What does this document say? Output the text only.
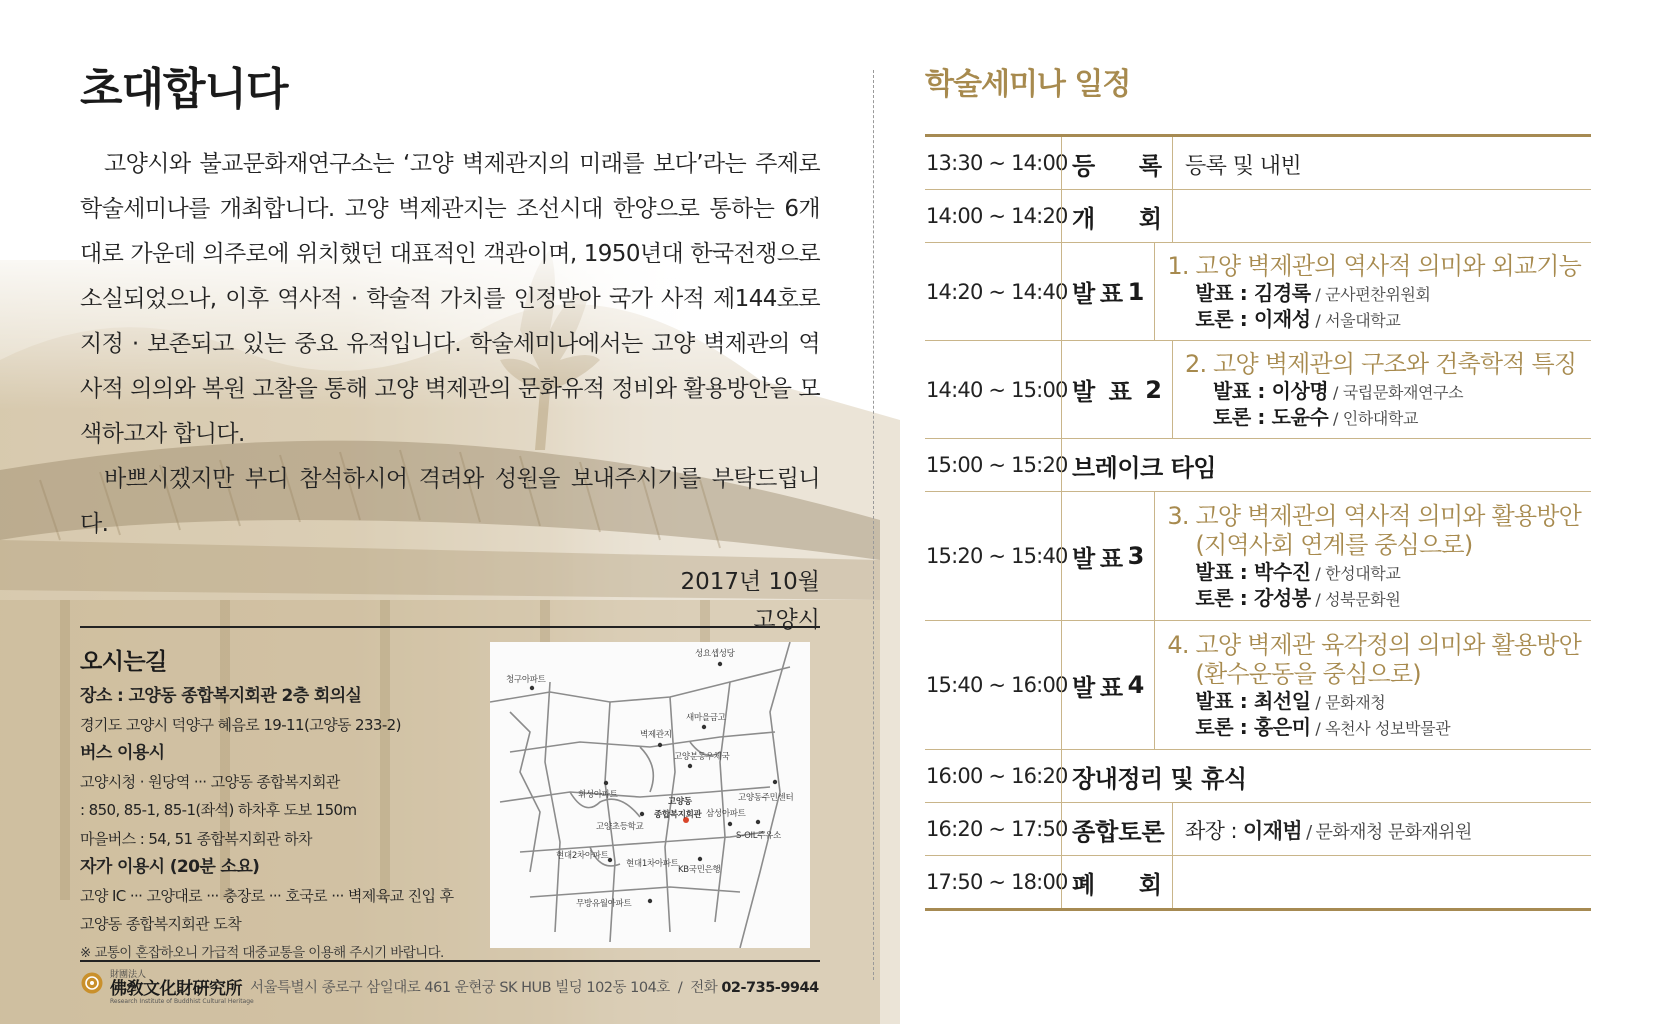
초대합니다

고양시와 불교문화재연구소는 ‘고양 벽제관지의 미래를 보다’라는 주제로 학술세미나를 개최합니다. 고양 벽제관지는 조선시대 한양으로 통하는 6개 대로 가운데 의주로에 위치했던 대표적인 객관이며, 1950년대 한국전쟁으로 소실되었으나, 이후 역사적 · 학술적 가치를 인정받아 국가 사적 제144호로 지정 · 보존되고 있는 중요 유적입니다. 학술세미나에서는 고양 벽제관의 역사적 의의와 복원 고찰을 통해 고양 벽제관의 문화유적 정비와 활용방안을 모색하고자 합니다.

바쁘시겠지만 부디 참석하시어 격려와 성원을 보내주시기를 부탁드립니다.

2017년 10월
고양시
오시는길
장소 : 고양동 종합복지회관 2층 회의실
경기도 고양시 덕양구 혜음로 19-11(고양동 233-2)
버스 이용시
고양시청 · 원당역 ··· 고양동 종합복지회관
: 850, 85-1, 85-1(좌석) 하차후 도보 150m
마을버스 : 54, 51 종합복지회관 하차
자가 이용시 (20분 소요)
고양 IC ··· 고양대로 ··· 충장로 ··· 호국로 ··· 벽제육교 진입 후
고양동 종합복지회관 도착
※ 교통이 혼잡하오니 가급적 대중교통을 이용해 주시기 바랍니다.
성요셉성당
청구아파트
새마을금고
벽제관지
고양분동우체국
고양동주민센터
휘성아파트
고양동
종합복지회관 삼성아파트
고양초등학교
S-OIL주유소
현대2차아파트
현대1차아파트
KB국민은행
무방유월아파트
財團法人
佛敎文化財硏究所
Research Institute of Buddhist Cultural Heritage
서울특별시 종로구 삼일대로 461 운현궁 SK HUB 빌딩 102동 104호 / 전화 02-735-9944
학술세미나 일정
13:30 ~ 14:00 등 록	등록 및 내빈
14:00 ~ 14:20 개 회
14:20 ~ 14:40 발 표 1
1. 고양 벽제관의 역사적 의미와 외교기능
발표 : 김경록 / 군사편찬위원회
토론 : 이재성 / 서울대학교
14:40 ~ 15:00 발 표 2
2. 고양 벽제관의 구조와 건축학적 특징
발표 : 이상명 / 국립문화재연구소
토론 : 도윤수 / 인하대학교
15:00 ~ 15:20 브레이크 타임
15:20 ~ 15:40 발 표 3
3. 고양 벽제관의 역사적 의미와 활용방안
(지역사회 연계를 중심으로)
발표 : 박수진 / 한성대학교
토론 : 강성봉 / 성북문화원
15:40 ~ 16:00 발 표 4
4. 고양 벽제관 육각정의 의미와 활용방안
(환수운동을 중심으로)
발표 : 최선일 / 문화재청
토론 : 홍은미 / 옥천사 성보박물관
16:00 ~ 16:20 장내정리 및 휴식
16:20 ~ 17:50 종합토론 좌장 : 이재범 / 문화재청 문화재위원
17:50 ~ 18:00 폐 회
